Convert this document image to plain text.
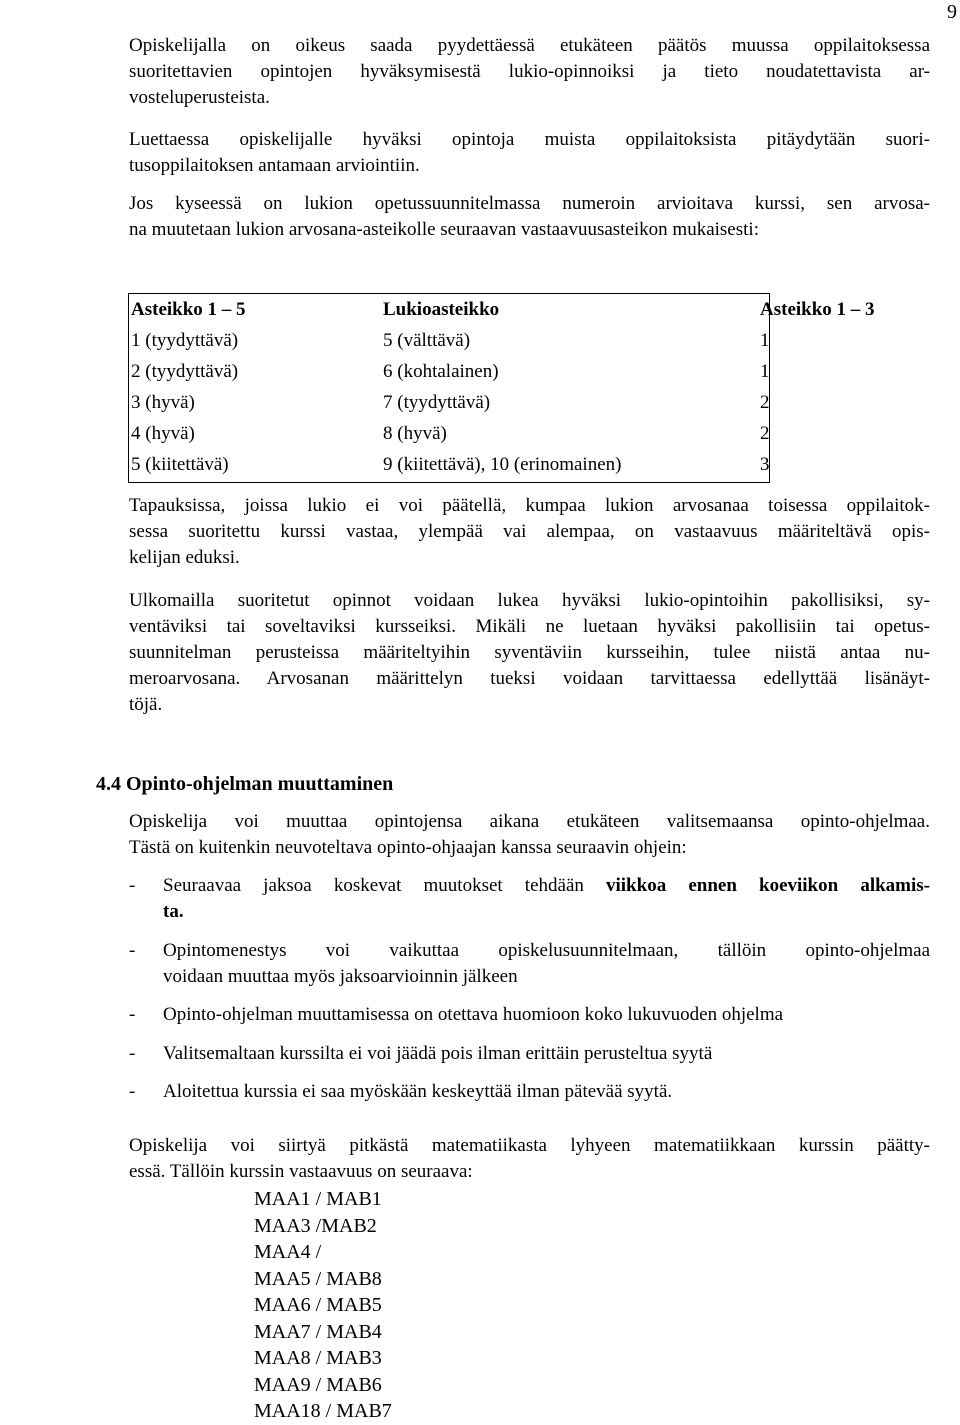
9

Opiskelijalla on oikeus saada pyydettäessä etukäteen päätös muussa oppilaitoksessa
suoritettavien opintojen hyväksymisestä lukio-opinnoiksi ja tieto noudatettavista ar-
vosteluperusteista.

Luettaessa opiskelijalle hyväksi opintoja muista oppilaitoksista pitäydytään suori-
tusoppilaitoksen antamaan arviointiin.

Jos kyseessä on lukion opetussuunnitelmassa numeroin arvioitava kurssi, sen arvosa-
na muutetaan lukion arvosana-asteikolle seuraavan vastaavuusasteikon mukaisesti:

Asteikko 1 – 5	Lukioasteikko	Asteikko 1 – 3
1 (tyydyttävä)	5 (välttävä)	1
2 (tyydyttävä)	6 (kohtalainen)	1
3 (hyvä)	7 (tyydyttävä)	2
4 (hyvä)	8 (hyvä)	2
5 (kiitettävä)	9 (kiitettävä), 10 (erinomainen)	3

Tapauksissa, joissa lukio ei voi päätellä, kumpaa lukion arvosanaa toisessa oppilaitok-
sessa suoritettu kurssi vastaa, ylempää vai alempaa, on vastaavuus määriteltävä opis-
kelijan eduksi.

Ulkomailla suoritetut opinnot voidaan lukea hyväksi lukio-opintoihin pakollisiksi, sy-
ventäviksi tai soveltaviksi kursseiksi. Mikäli ne luetaan hyväksi pakollisiin tai opetus-
suunnitelman perusteissa määriteltyihin syventäviin kursseihin, tulee niistä antaa nu-
meroarvosana. Arvosanan määrittelyn tueksi voidaan tarvittaessa edellyttää lisänäyt-
töjä.

4.4 Opinto-ohjelman muuttaminen

Opiskelija voi muuttaa opintojensa aikana etukäteen valitsemaansa opinto-ohjelmaa.
Tästä on kuitenkin neuvoteltava opinto-ohjaajan kanssa seuraavin ohjein:

- Seuraavaa jaksoa koskevat muutokset tehdään viikkoa ennen koeviikon alkamis-
ta.
- Opintomenestys voi vaikuttaa opiskelusuunnitelmaan, tällöin opinto-ohjelmaa
voidaan muuttaa myös jaksoarvioinnin jälkeen
- Opinto-ohjelman muuttamisessa on otettava huomioon koko lukuvuoden ohjelma
- Valitsemaltaan kurssilta ei voi jäädä pois ilman erittäin perusteltua syytä
- Aloitettua kurssia ei saa myöskään keskeyttää ilman pätevää syytä.

Opiskelija voi siirtyä pitkästä matematiikasta lyhyeen matematiikkaan kurssin päätty-
essä. Tällöin kurssin vastaavuus on seuraava:

MAA1 / MAB1
MAA3 /MAB2
MAA4 /
MAA5 / MAB8
MAA6 / MAB5
MAA7 / MAB4
MAA8 / MAB3
MAA9 / MAB6
MAA18 / MAB7
